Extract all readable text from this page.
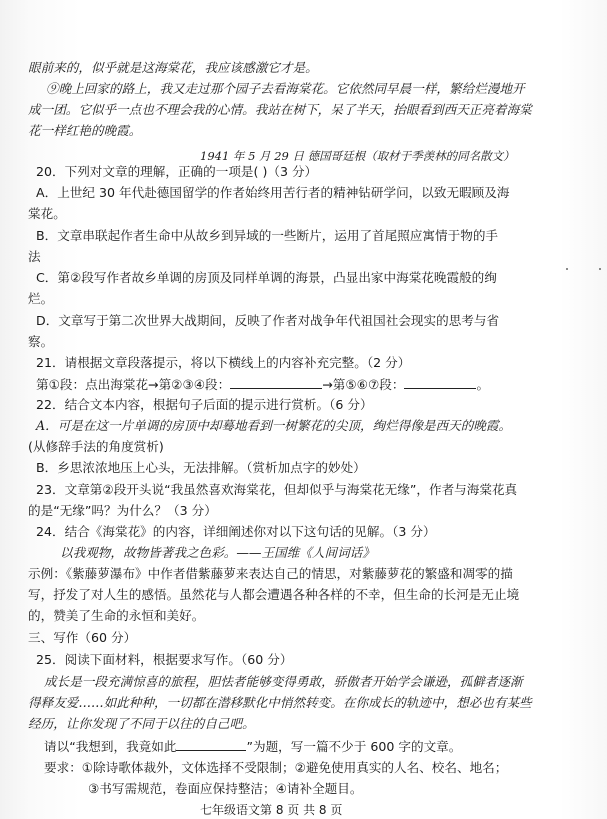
眼前来的，似乎就是这海棠花，我应该感激它才是。
⑨晚上回家的路上，我又走过那个园子去看海棠花。它依然同早晨一样，繁给烂漫地开
成一团。它似乎一点也不理会我的心情。我站在树下，呆了半天，抬眼看到西天正亮着海棠
花一样红艳的晚霞。
1941 年 5 月 29 日 德国哥廷根（取材于季羡林的同名散文）
20．下列对文章的理解，正确的一项是( )（3 分）
A．上世纪 30 年代赴德国留学的作者始终用苦行者的精神钻研学问，以致无暇顾及海
棠花。
B．文章串联起作者生命中从故乡到异域的一些断片，运用了首尾照应寓情于物的手
法
C．第②段写作者故乡单调的房顶及同样单调的海景，凸显出家中海棠花晚霞般的绚
烂。
D．文章写于第二次世界大战期间，反映了作者对战争年代祖国社会现实的思考与省
察。
21．请根据文章段落提示，将以下横线上的内容补充完整。（2 分）
第①段：点出海棠花→第②③④段：	→第⑤⑥⑦段：	。
22．结合文本内容，根据句子后面的提示进行赏析。（6 分）
A．可是在这一片单调的房顶中却蓦地看到一树繁花的尖顶，绚烂得像是西天的晚霞。
(从修辞手法的角度赏析)
B．乡思浓浓地压上心头，无法排解。（赏析加点字的妙处）
23．文章第②段开头说“我虽然喜欢海棠花，但却似乎与海棠花无缘”，作者与海棠花真
的是“无缘”吗？为什么？（3 分）
24．结合《海棠花》的内容，详细阐述你对以下这句话的见解。（3 分）
以我观物，故物皆著我之色彩。——王国维《人间词话》
示例：《紫藤萝瀑布》中作者借紫藤萝来表达自己的情思，对紫藤萝花的繁盛和凋零的描
写，抒发了对人生的感悟。虽然花与人都会遭遇各种各样的不幸，但生命的长河是无止境
的，赞美了生命的永恒和美好。
三、写作（60 分）
25．阅读下面材料，根据要求写作。（60 分）
成长是一段充满惊喜的旅程，胆怯者能够变得勇敢，骄傲者开始学会谦逊，孤僻者逐渐
得释友爱……如此种种，一切都在潜移默化中悄然转变。在你成长的轨迹中，想必也有某些
经历，让你发现了不同于以往的自己吧。
请以“我想到，我竟如此	”为题，写一篇不少于 600 字的文章。
要求：①除诗歌体裁外，文体选择不受限制；②避免使用真实的人名、校名、地名；
③书写需规范，卷面应保持整洁；④请补全题目。
七年级语文第 8 页 共 8 页
